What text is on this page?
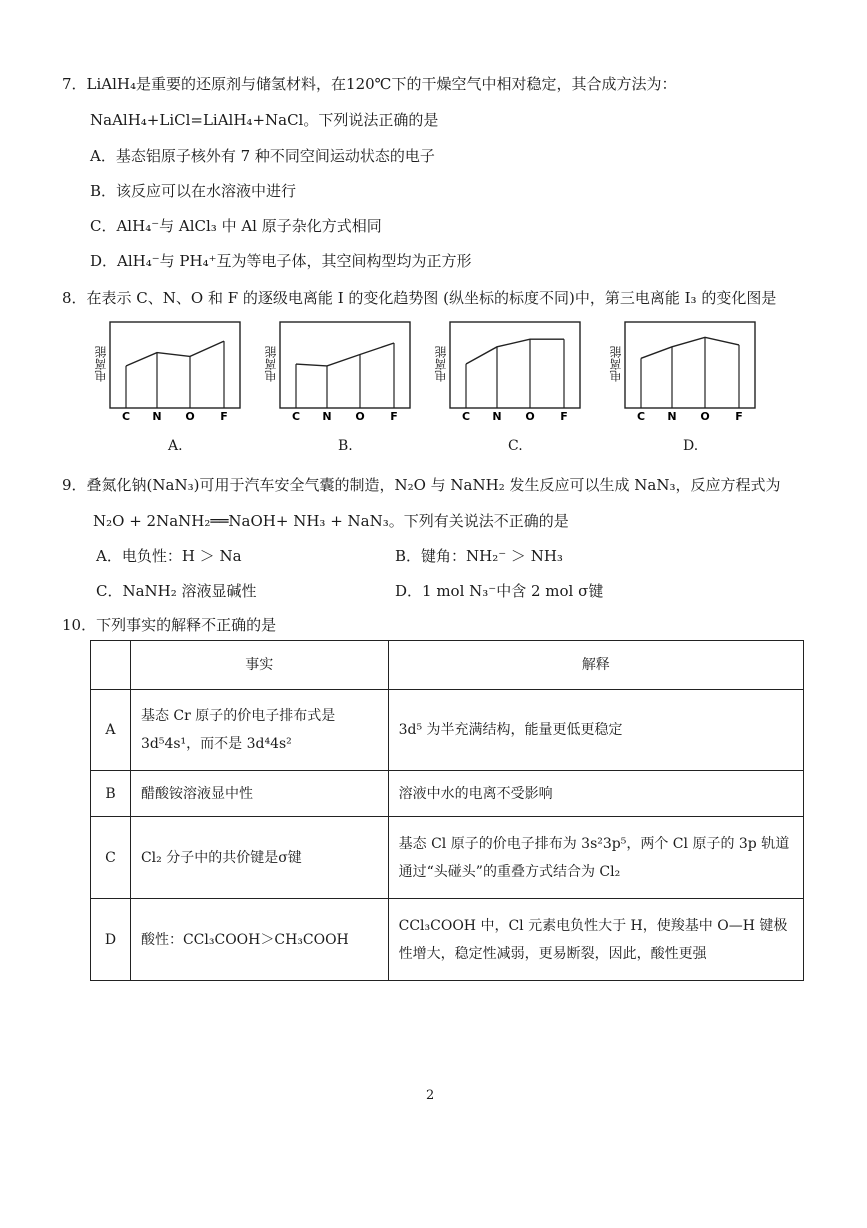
7．LiAlH₄是重要的还原剂与储氢材料，在120℃下的干燥空气中相对稳定，其合成方法为：
NaAlH₄+LiCl=LiAlH₄+NaCl。下列说法正确的是
A．基态铝原子核外有 7 种不同空间运动状态的电子
B．该反应可以在水溶液中进行
C．AlH₄⁻与 AlCl₃ 中 Al 原子杂化方式相同
D．AlH₄⁻与 PH₄⁺互为等电子体，其空间构型均为正方形
8．在表示 C、N、O 和 F 的逐级电离能 I 的变化趋势图 (纵坐标的标度不同)中，第三电离能 I₃ 的变化图是
电离能
C N O F
A.
电离能
C N O F
B.
电离能
C N O F
C.
电离能
C N O F
D.
9．叠氮化钠(NaN₃)可用于汽车安全气囊的制造，N₂O 与 NaNH₂ 发生反应可以生成 NaN₃，反应方程式为
N₂O + 2NaNH₂══NaOH+ NH₃ + NaN₃。下列有关说法不正确的是
A．电负性：H ＞ Na	B．键角：NH₂⁻ ＞ NH₃
C．NaNH₂ 溶液显碱性	D．1 mol N₃⁻中含 2 mol σ键
10．下列事实的解释不正确的是
	事实	解释
A	基态 Cr 原子的价电子排布式是 3d⁵4s¹，而不是 3d⁴4s²	3d⁵ 为半充满结构，能量更低更稳定
B	醋酸铵溶液显中性	溶液中水的电离不受影响
C	Cl₂ 分子中的共价键是σ键	基态 Cl 原子的价电子排布为 3s²3p⁵，两个 Cl 原子的 3p 轨道通过“头碰头”的重叠方式结合为 Cl₂
D	酸性：CCl₃COOH＞CH₃COOH	CCl₃COOH 中，Cl 元素电负性大于 H，使羧基中 O—H 键极性增大，稳定性减弱，更易断裂，因此，酸性更强
2
